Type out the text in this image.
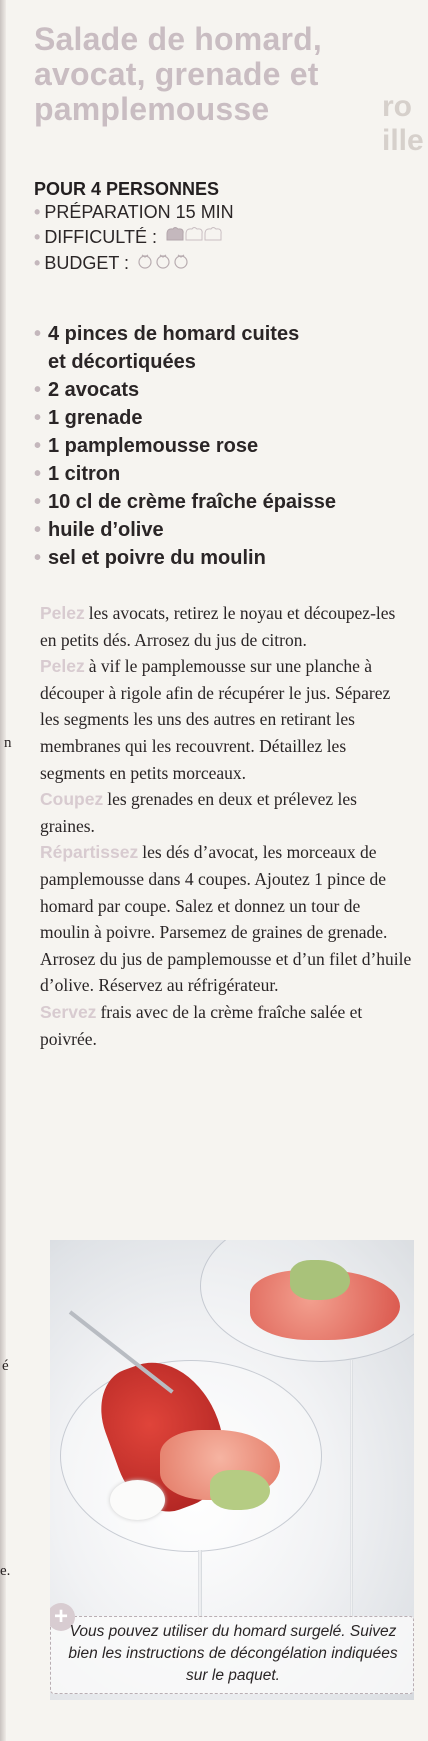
n
é
e.
ro
ille
Salade de homard, avocat, grenade et pamplemousse
POUR 4 PERSONNES
• PRÉPARATION 15 MIN
• DIFFICULTÉ :
• BUDGET :
• 4 pinces de homard cuites et décortiquées
• 2 avocats
• 1 grenade
• 1 pamplemousse rose
• 1 citron
• 10 cl de crème fraîche épaisse
• huile d’olive
• sel et poivre du moulin
Pelez les avocats, retirez le noyau et découpez-les en petits dés. Arrosez du jus de citron.
Pelez à vif le pamplemousse sur une planche à découper à rigole afin de récupérer le jus. Séparez les segments les uns des autres en retirant les membranes qui les recouvrent. Détaillez les segments en petits morceaux.
Coupez les grenades en deux et prélevez les graines.
Répartissez les dés d’avocat, les morceaux de pamplemousse dans 4 coupes. Ajoutez 1 pince de homard par coupe. Salez et donnez un tour de moulin à poivre. Parsemez de graines de grenade. Arrosez du jus de pamplemousse et d’un filet d’huile d’olive. Réservez au réfrigérateur.
Servez frais avec de la crème fraîche salée et poivrée.
+
Vous pouvez utiliser du homard surgelé. Suivez bien les instructions de décongélation indiquées sur le paquet.
